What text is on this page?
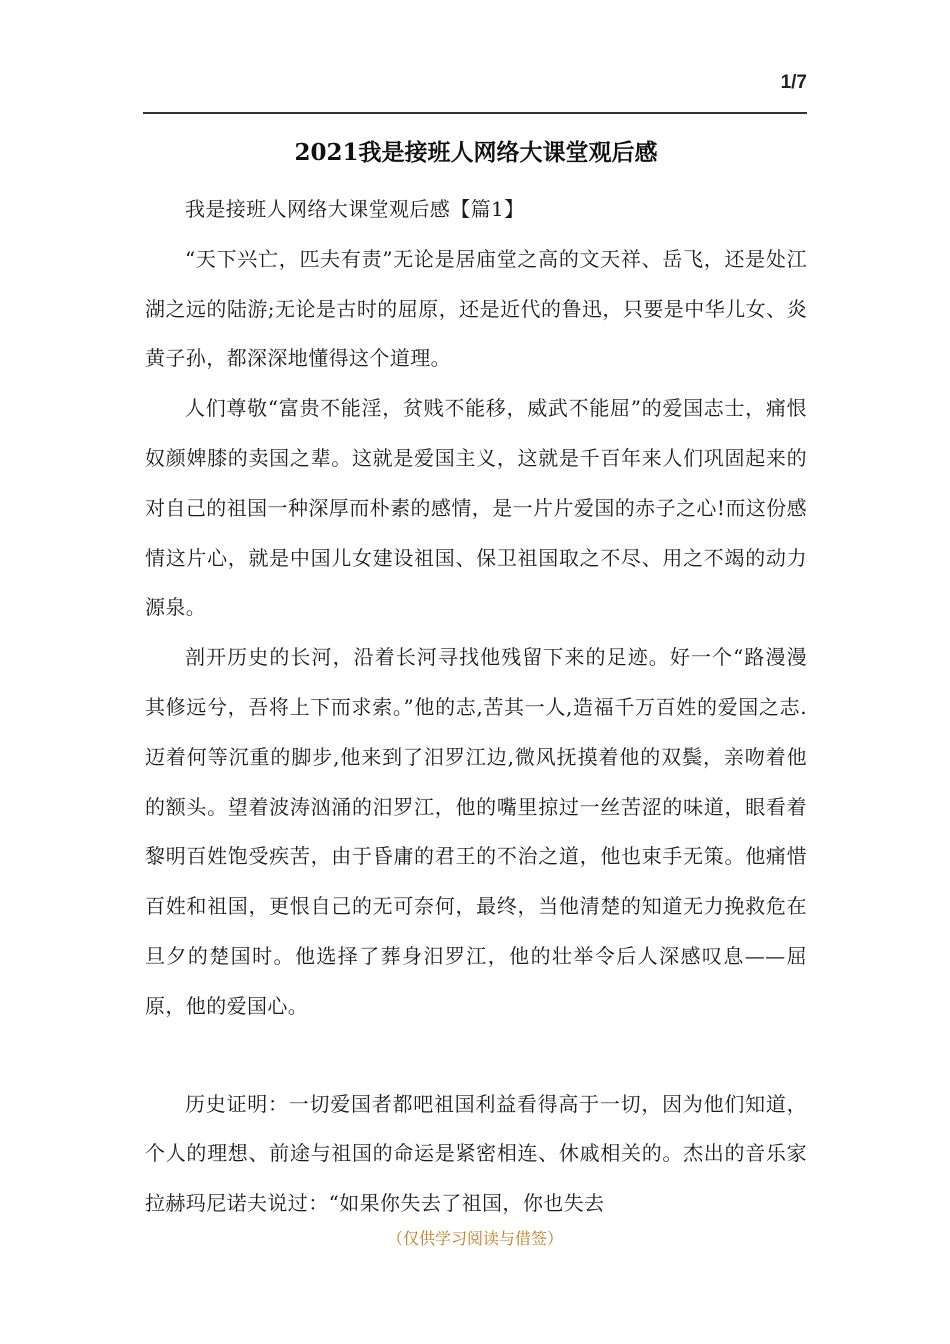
1/7
2021我是接班人网络大课堂观后感

我是接班人网络大课堂观后感【篇1】

“天下兴亡，匹夫有责”无论是居庙堂之高的文天祥、岳飞，还是处江湖之远的陆游;无论是古时的屈原，还是近代的鲁迅，只要是中华儿女、炎黄子孙，都深深地懂得这个道理。

人们尊敬“富贵不能淫，贫贱不能移，威武不能屈”的爱国志士，痛恨奴颜婢膝的卖国之辈。这就是爱国主义，这就是千百年来人们巩固起来的对自己的祖国一种深厚而朴素的感情，是一片片爱国的赤子之心!而这份感情这片心，就是中国儿女建设祖国、保卫祖国取之不尽、用之不竭的动力源泉。

剖开历史的长河，沿着长河寻找他残留下来的足迹。好一个“路漫漫其修远兮，吾将上下而求索。”他的志,苦其一人,造福千万百姓的爱国之志.迈着何等沉重的脚步,他来到了汨罗江边,微风抚摸着他的双鬓，亲吻着他的额头。望着波涛汹涌的汨罗江，他的嘴里掠过一丝苦涩的味道，眼看着黎明百姓饱受疾苦，由于昏庸的君王的不治之道，他也束手无策。他痛惜百姓和祖国，更恨自己的无可奈何，最终，当他清楚的知道无力挽救危在旦夕的楚国时。他选择了葬身汨罗江，他的壮举令后人深感叹息——屈原，他的爱国心。

历史证明：一切爱国者都吧祖国利益看得高于一切，因为他们知道，个人的理想、前途与祖国的命运是紧密相连、休戚相关的。杰出的音乐家拉赫玛尼诺夫说过：“如果你失去了祖国，你也失去

（仅供学习阅读与借签）
